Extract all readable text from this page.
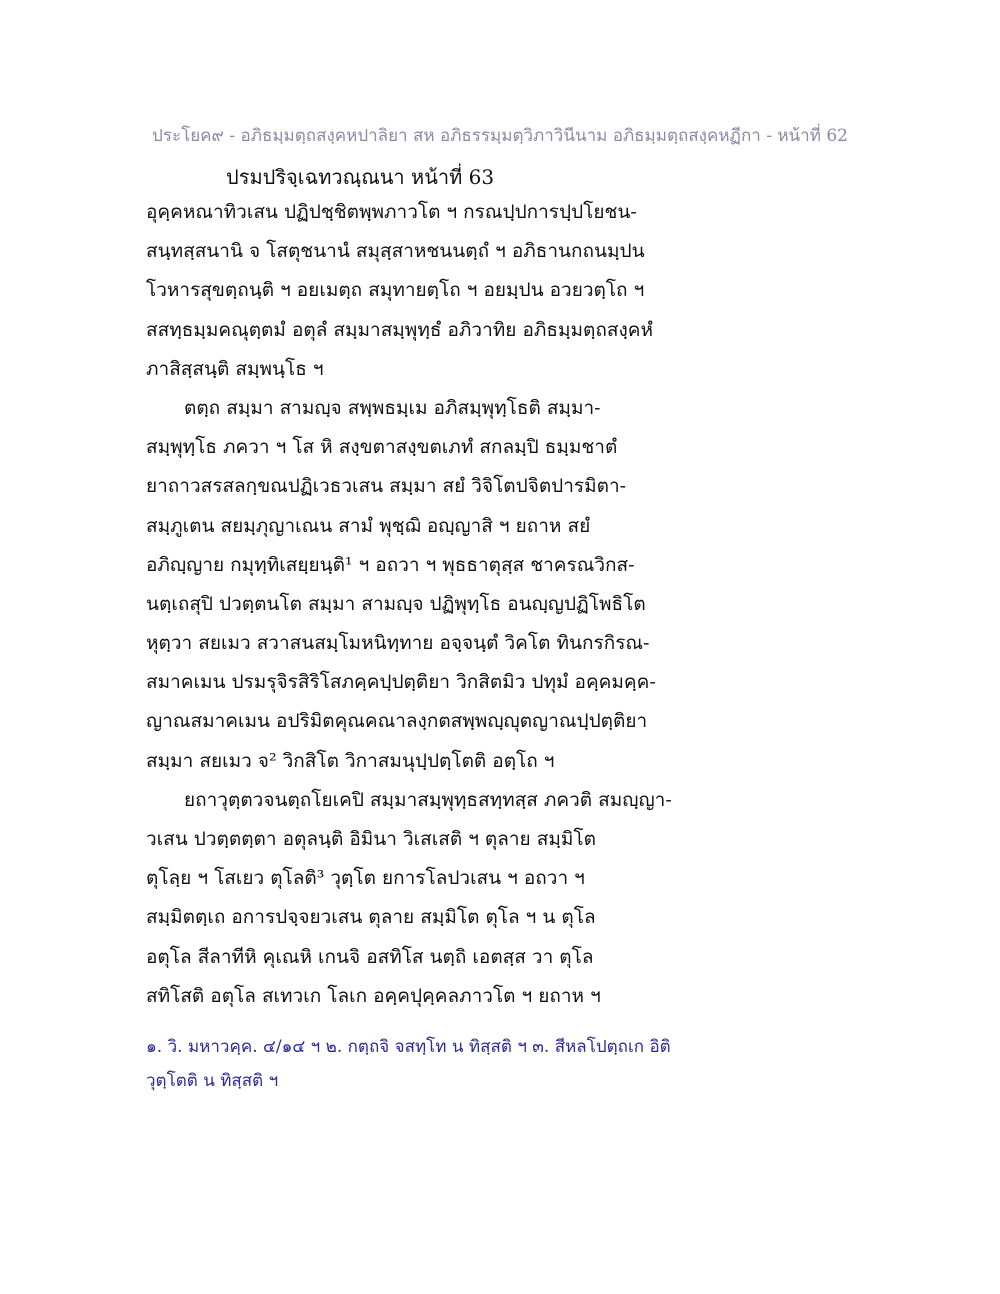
ประโยค๙ - อภิธมฺมตฺถสงฺคหปาลิยา สห อภิธรรมฺมตฺวิภาวินีนาม อภิธมฺมตฺถสงฺคหฏีกา - หน้าที่ 62
ปรมปริจฺเฉทวณฺณนา หน้าที่ 63
อุคฺคหณาทิวเสน ปฏิปชฺชิตพฺพภาวโต ฯ กรณปฺปการปฺปโยชน-
สนฺทสฺสนานิ จ โสตุชนานํ สมุสฺสาหชนนตฺถํ ฯ อภิธานกถนมฺปน
โวหารสุขตฺถนฺติ ฯ อยเมตฺถ สมุทายตฺโถ ฯ อยมฺปน อวยวตฺโถ ฯ
สสทฺธมฺมคณุตฺตมํ อตุลํ สมฺมาสมฺพุทฺธํ อภิวาทิย อภิธมฺมตฺถสงฺคหํ
ภาสิสฺสนฺติ สมฺพนฺโธ ฯ
ตตฺถ สมฺมา สามญฺจ สพฺพธมฺเม อภิสมฺพุทฺโธติ สมฺมา-
สมฺพุทฺโธ ภควา ฯ โส หิ สงฺขตาสงฺขตเภทํ สกลมฺปิ ธมฺมชาตํ
ยาถาวสรสลกฺขณปฏิเวธวเสน สมฺมา สยํ วิจิโตปจิตปารมิตา-
สมฺภูเตน สยมฺภุญาเณน สามํ พุชฺฌิ อญฺญาสิ ฯ ยถาห สยํ
อภิญฺญาย กมุทฺทิเสยฺยนฺติ¹ ฯ อถวา ฯ พุธธาตุสฺส ชาครณวิกส-
นตฺเถสุปิ ปวตฺตนโต สมฺมา สามญฺจ ปฏิพุทฺโธ อนญฺญปฏิโพธิโต
หุตฺวา สยเมว สวาสนสมฺโมหนิทฺทาย อจฺจนฺตํ วิคโต ทินกรกิรณ-
สมาคเมน ปรมรุจิรสิริโสภคฺคปฺปตฺติยา วิกสิตมิว ปทุมํ อคฺคมคฺค-
ญาณสมาคเมน อปริมิตคุณคณาลงฺกตสพฺพญฺญุตญาณปฺปตฺติยา
สมฺมา สยเมว จ² วิกสิโต วิกาสมนุปฺปตฺโตติ อตฺโถ ฯ
ยถาวุตฺตวจนตฺถโยเคปิ สมฺมาสมฺพุทฺธสทฺทสฺส ภควติ สมญฺญา-
วเสน ปวตฺตตฺตา อตุลนฺติ อิมินา วิเสเสติ ฯ ตุลาย สมฺมิโต
ตุโลฺย ฯ โสเยว ตุโลติ³ วุตฺโต ยการโลปวเสน ฯ อถวา ฯ
สมฺมิตตฺเถ อการปจฺจยวเสน ตุลาย สมฺมิโต ตุโล ฯ น ตุโล
อตุโล สีลาทีหิ คุเณหิ เกนจิ อสทิโส นตฺถิ เอตสฺส วา ตุโล
สทิโสติ อตุโล สเทวเก โลเก อคฺคปุคฺคลภาวโต ฯ ยถาห ฯ
๑. วิ. มหาวคฺค. ๔/๑๔ ฯ ๒. กตฺถจิ จสทฺโท น ทิสฺสติ ฯ ๓. สีหลโปตฺถเก อิติ
วุตฺโตติ น ทิสฺสติ ฯ
